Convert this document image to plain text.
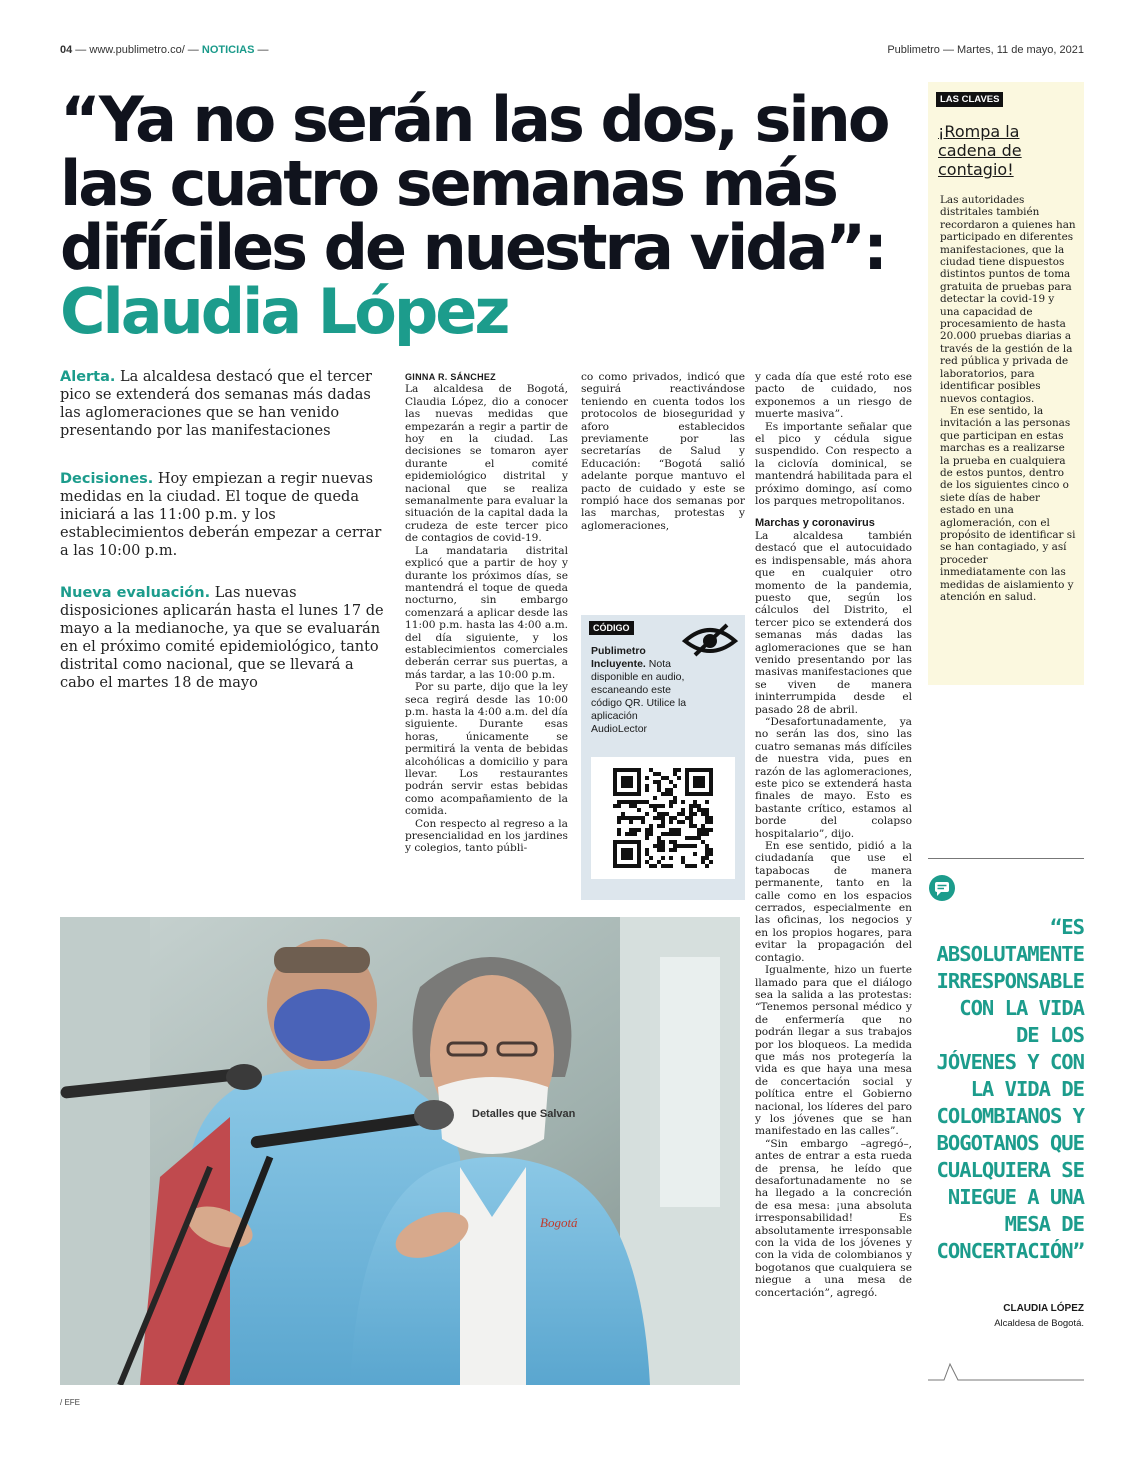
04 — www.publimetro.co/ — NOTICIAS —	Publimetro — Martes, 11 de mayo, 2021
“Ya no serán las dos, sino las cuatro semanas más difíciles de nuestra vida”: Claudia López
Alerta. La alcaldesa destacó que el tercer pico se extenderá dos semanas más dadas las aglomeraciones que se han venido presentando por las manifestaciones
Decisiones. Hoy empiezan a regir nuevas medidas en la ciudad. El toque de queda iniciará a las 11:00 p.m. y los establecimientos deberán empezar a cerrar a las 10:00 p.m.
Nueva evaluación. Las nuevas disposiciones aplicarán hasta el lunes 17 de mayo a la medianoche, ya que se evaluarán en el próximo comité epidemiológico, tanto distrital como nacional, que se llevará a cabo el martes 18 de mayo
GINNA R. SÁNCHEZ

La alcaldesa de Bogotá, Claudia López, dio a conocer las nuevas medidas que empezarán a regir a partir de hoy en la ciudad. Las decisiones se tomaron ayer durante el comité epidemiológico distrital y nacional que se realiza semanalmente para evaluar la situación de la capital dada la crudeza de este tercer pico de contagios de covid-19.

La mandataria distrital explicó que a partir de hoy y durante los próximos días, se mantendrá el toque de queda nocturno, sin embargo comenzará a aplicar desde las 11:00 p.m. hasta las 4:00 a.m. del día siguiente, y los establecimientos comerciales deberán cerrar sus puertas, a más tardar, a las 10:00 p.m.

Por su parte, dijo que la ley seca regirá desde las 10:00 p.m. hasta la 4:00 a.m. del día siguiente. Durante esas horas, únicamente se permitirá la venta de bebidas alcohólicas a domicilio y para llevar. Los restaurantes podrán servir estas bebidas como acompañamiento de la comida.

Con respecto al regreso a la presencialidad en los jardines y colegios, tanto públi-

co como privados, indicó que seguirá reactivándose teniendo en cuenta todos los protocolos de bioseguridad y aforo establecidos previamente por las secretarías de Salud y Educación: “Bogotá salió adelante porque mantuvo el pacto de cuidado y este se rompió hace dos semanas por las marchas, protestas y aglomeraciones,

CÓDIGO
Publimetro Incluyente. Nota disponible en audio, escaneando este código QR. Utilice la aplicación AudioLector

y cada día que esté roto ese pacto de cuidado, nos exponemos a un riesgo de muerte masiva”.

Es importante señalar que el pico y cédula sigue suspendido. Con respecto a la ciclovía dominical, se mantendrá habilitada para el próximo domingo, así como los parques metropolitanos.

Marchas y coronavirus

La alcaldesa también destacó que el autocuidado es indispensable, más ahora que en cualquier otro momento de la pandemia, puesto que, según los cálculos del Distrito, el tercer pico se extenderá dos semanas más dadas las aglomeraciones que se han venido presentando por las masivas manifestaciones que se viven de manera ininterrumpida desde el pasado 28 de abril.

“Desafortunadamente, ya no serán las dos, sino las cuatro semanas más difíciles de nuestra vida, pues en razón de las aglomeraciones, este pico se extenderá hasta finales de mayo. Esto es bastante crítico, estamos al borde del colapso hospitalario”, dijo.

En ese sentido, pidió a la ciudadanía que use el tapabocas de manera permanente, tanto en la calle como en los espacios cerrados, especialmente en las oficinas, los negocios y en los propios hogares, para evitar la propagación del contagio.

Igualmente, hizo un fuerte llamado para que el diálogo sea la salida a las protestas: “Tenemos personal médico y de enfermería que no podrán llegar a sus trabajos por los bloqueos. La medida que más nos protegería la vida es que haya una mesa de concertación social y política entre el Gobierno nacional, los líderes del paro y los jóvenes que se han manifestado en las calles”.

“Sin embargo –agregó–, antes de entrar a esta rueda de prensa, he leído que desafortunadamente no se ha llegado a la concreción de esa mesa: ¡una absoluta irresponsabilidad! Es absolutamente irresponsable con la vida de los jóvenes y con la vida de colombianos y bogotanos que cualquiera se niegue a una mesa de concertación”, agregó.

LAS CLAVES
¡Rompa la cadena de contagio!

Las autoridades distritales también recordaron a quienes han participado en diferentes manifestaciones, que la ciudad tiene dispuestos distintos puntos de toma gratuita de pruebas para detectar la covid-19 y una capacidad de procesamiento de hasta 20.000 pruebas diarias a través de la gestión de la red pública y privada de laboratorios, para identificar posibles nuevos contagios.

En ese sentido, la invitación a las personas que participan en estas marchas es a realizarse la prueba en cualquiera de estos puntos, dentro de los siguientes cinco o siete días de haber estado en una aglomeración, con el propósito de identificar si se han contagiado, y así proceder inmediatamente con las medidas de aislamiento y atención en salud.

“ES ABSOLUTAMENTE IRRESPONSABLE CON LA VIDA DE LOS JÓVENES Y CON LA VIDA DE COLOMBIANOS Y BOGOTANOS QUE CUALQUIERA SE NIEGUE A UNA MESA DE CONCERTACIÓN”
CLAUDIA LÓPEZ
Alcaldesa de Bogotá.
Detalles que Salvan
Bogotá
/ EFE
